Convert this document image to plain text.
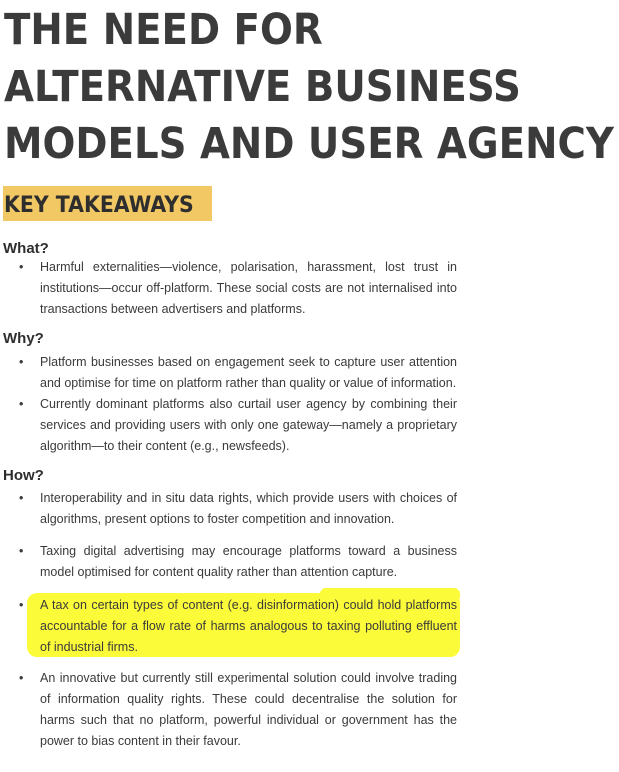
THE NEED FOR
ALTERNATIVE BUSINESS
MODELS AND USER AGENCY
KEY TAKEAWAYS
What?
•	Harmful externalities—violence, polarisation, harassment, lost trust in institutions—occur off-platform. These social costs are not internalised into transactions between advertisers and platforms.
Why?
•	Platform businesses based on engagement seek to capture user attention and optimise for time on platform rather than quality or value of information.
•	Currently dominant platforms also curtail user agency by combining their services and providing users with only one gateway—namely a proprietary algorithm—to their content (e.g., newsfeeds).
How?
•	Interoperability and in situ data rights, which provide users with choices of algorithms, present options to foster competition and innovation.
•	Taxing digital advertising may encourage platforms toward a business model optimised for content quality rather than attention capture.
•	A tax on certain types of content (e.g. disinformation) could hold platforms accountable for a flow rate of harms analogous to taxing polluting effluent of industrial firms.
•	An innovative but currently still experimental solution could involve trading of information quality rights. These could decentralise the solution for harms such that no platform, powerful individual or government has the power to bias content in their favour.
